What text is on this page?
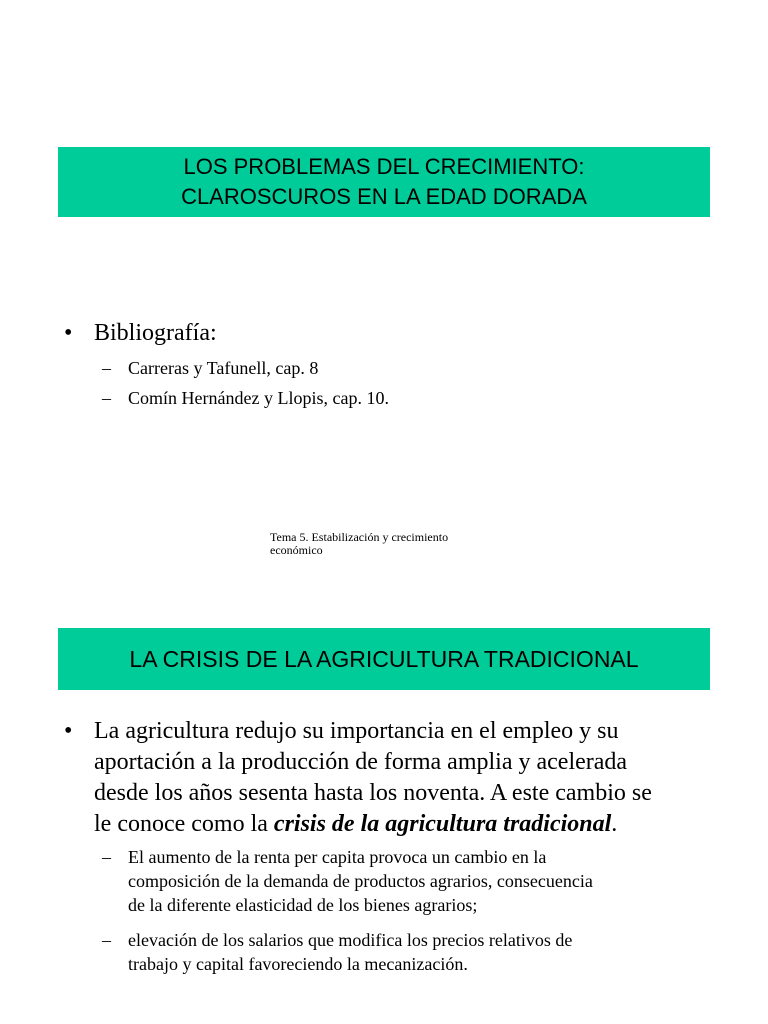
LOS PROBLEMAS DEL CRECIMIENTO:
CLAROSCUROS EN LA EDAD DORADA
• Bibliografía:
– Carreras y Tafunell, cap. 8
– Comín Hernández y Llopis, cap. 10.
Tema 5. Estabilización y crecimiento
económico
LA CRISIS DE LA AGRICULTURA TRADICIONAL
• La agricultura redujo su importancia en el empleo y su
aportación a la producción de forma amplia y acelerada
desde los años sesenta hasta los noventa. A este cambio se
le conoce como la crisis de la agricultura tradicional.
– El aumento de la renta per capita provoca un cambio en la
composición de la demanda de productos agrarios, consecuencia
de la diferente elasticidad de los bienes agrarios;
– elevación de los salarios que modifica los precios relativos de
trabajo y capital favoreciendo la mecanización.
